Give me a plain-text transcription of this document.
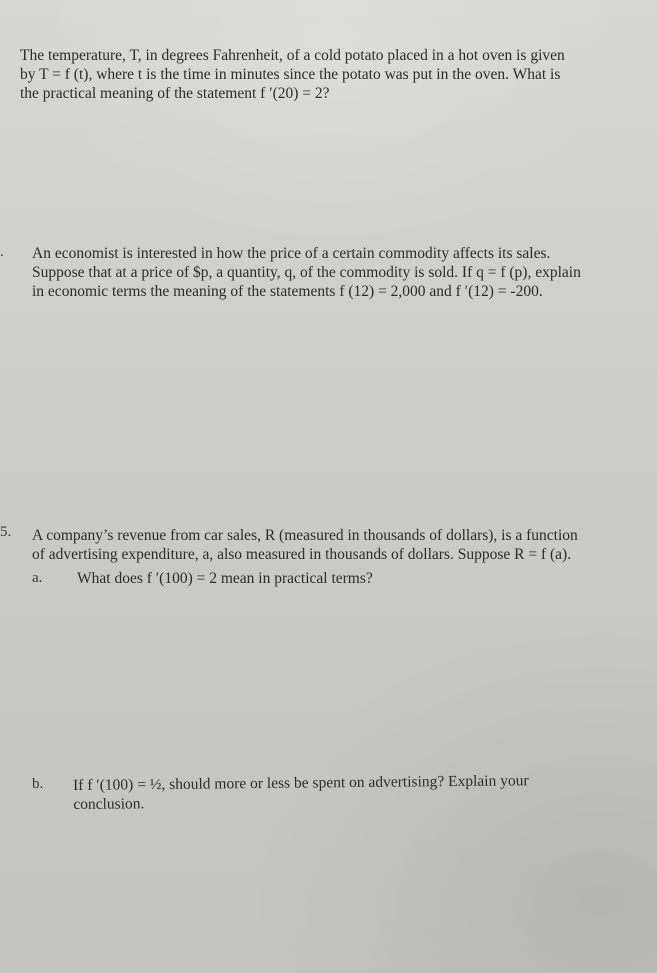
The temperature, T, in degrees Fahrenheit, of a cold potato placed in a hot oven is given
by T = f (t), where t is the time in minutes since the potato was put in the oven. What is
the practical meaning of the statement f ′(20) = 2?
. An economist is interested in how the price of a certain commodity affects its sales.
Suppose that at a price of $p, a quantity, q, of the commodity is sold. If q = f (p), explain
in economic terms the meaning of the statements f (12) = 2,000 and f ′(12) = -200.
5. A company’s revenue from car sales, R (measured in thousands of dollars), is a function
of advertising expenditure, a, also measured in thousands of dollars. Suppose R = f (a).
a. What does f ′(100) = 2 mean in practical terms?
b. If f ′(100) = ½, should more or less be spent on advertising? Explain your
conclusion.
